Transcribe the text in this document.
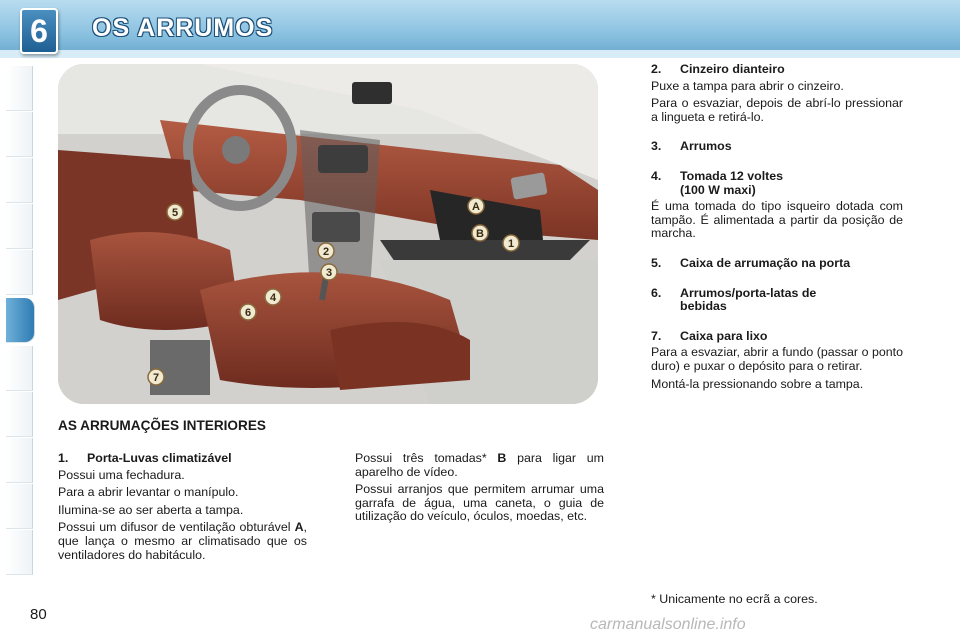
6	OS ARRUMOS
5	A
B
1
2
3
4
6
7
AS ARRUMAÇÕES INTERIORES
1. Porta-Luvas climatizável

Possui uma fechadura.

Para a abrir levantar o manípulo.

Ilumina-se ao ser aberta a tampa.

Possui um difusor de ventilação obturável A, que lança o mesmo ar climatisado que os ventiladores do habitáculo.

Possui três tomadas* B para ligar um aparelho de vídeo.

Possui arranjos que permitem arrumar uma garrafa de água, uma caneta, o guia de utilização do veículo, óculos, moedas, etc.

2. Cinzeiro dianteiro

Puxe a tampa para abrir o cinzeiro.

Para o esvaziar, depois de abrí-lo pressionar a lingueta e retirá-lo.

3. Arrumos
4. Tomada 12 voltes
(100 W maxi)

É uma tomada do tipo isqueiro dotada com tampão. É alimentada a partir da posição de marcha.

5. Caixa de arrumação na porta
6. Arrumos/porta-latas de
bebidas
7. Caixa para lixo

Para a esvaziar, abrir a fundo (passar o ponto duro) e puxar o depósito para o retirar.

Montá-la pressionando sobre a tampa.

* Unicamente no ecrã a cores.
80
carmanualsonline.info
